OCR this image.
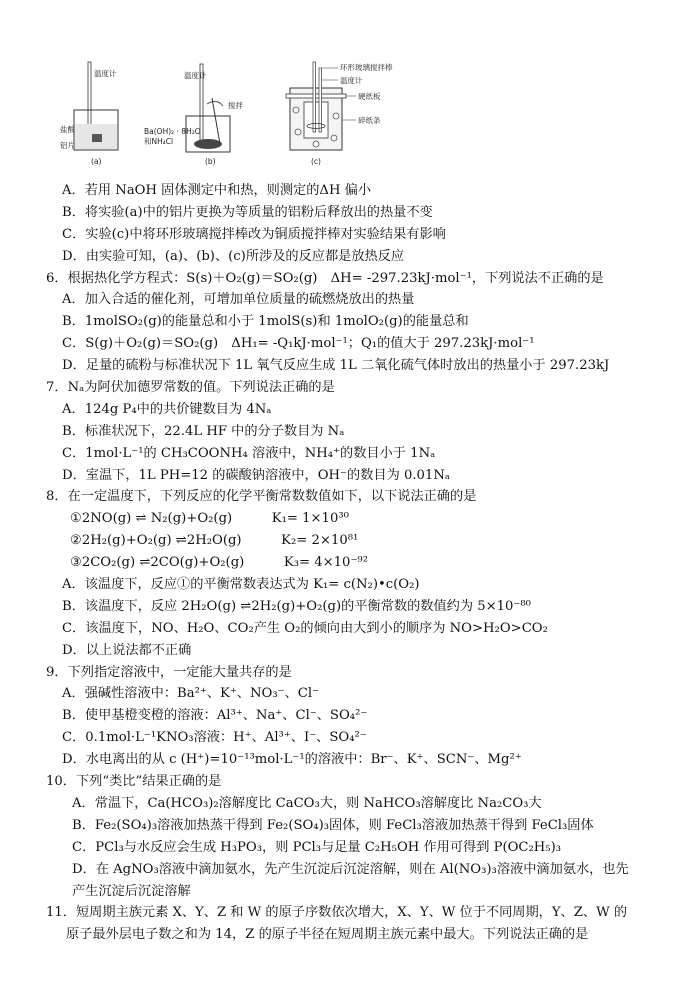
温度计
盐酸
铝片
(a)
温度计
搅拌
Ba(OH)₂ · 8H₂O
和NH₄Cl
(b)
环形玻璃搅拌棒
温度计
硬纸板
碎纸条
(c)
A．若用 NaOH 固体测定中和热，则测定的ΔH 偏小
B．将实验(a)中的铝片更换为等质量的铝粉后释放出的热量不变
C．实验(c)中将环形玻璃搅拌棒改为铜质搅拌棒对实验结果有影响
D．由实验可知，(a)、(b)、(c)所涉及的反应都是放热反应
6．根据热化学方程式：S(s)＋O₂(g)＝SO₂(g)　ΔH= -297.23kJ·mol⁻¹，下列说法不正确的是
A．加入合适的催化剂，可增加单位质量的硫燃烧放出的热量
B．1molSO₂(g)的能量总和小于 1molS(s)和 1molO₂(g)的能量总和
C．S(g)＋O₂(g)＝SO₂(g)　ΔH₁= -Q₁kJ·mol⁻¹；Q₁的值大于 297.23kJ·mol⁻¹
D．足量的硫粉与标准状况下 1L 氧气反应生成 1L 二氧化硫气体时放出的热量小于 297.23kJ
7．Nₐ为阿伏加德罗常数的值。下列说法正确的是
A．124g P₄中的共价键数目为 4Nₐ
B．标准状况下，22.4L HF 中的分子数目为 Nₐ
C．1mol·L⁻¹的 CH₃COONH₄ 溶液中，NH₄⁺的数目小于 1Nₐ
D．室温下，1L PH=12 的碳酸钠溶液中，OH⁻的数目为 0.01Nₐ
8．在一定温度下，下列反应的化学平衡常数数值如下，以下说法正确的是
①2NO(g) ⇌ N₂(g)+O₂(g)　　　K₁= 1×10³⁰
②2H₂(g)+O₂(g) ⇌2H₂O(g)　　　K₂= 2×10⁸¹
③2CO₂(g) ⇌2CO(g)+O₂(g)　　　K₃= 4×10⁻⁹²
A．该温度下，反应①的平衡常数表达式为 K₁= c(N₂)•c(O₂)
B．该温度下，反应 2H₂O(g) ⇌2H₂(g)+O₂(g)的平衡常数的数值约为 5×10⁻⁸⁰
C．该温度下，NO、H₂O、CO₂产生 O₂的倾向由大到小的顺序为 NO>H₂O>CO₂
D．以上说法都不正确
9．下列指定溶液中，一定能大量共存的是
A．强碱性溶液中：Ba²⁺、K⁺、NO₃⁻、Cl⁻
B．使甲基橙变橙的溶液：Al³⁺、Na⁺、Cl⁻、SO₄²⁻
C．0.1mol·L⁻¹KNO₃溶液：H⁺、Al³⁺、I⁻、SO₄²⁻
D．水电离出的从 c (H⁺)=10⁻¹³mol·L⁻¹的溶液中：Br⁻、K⁺、SCN⁻、Mg²⁺
10．下列“类比”结果正确的是
A．常温下，Ca(HCO₃)₂溶解度比 CaCO₃大，则 NaHCO₃溶解度比 Na₂CO₃大
B．Fe₂(SO₄)₃溶液加热蒸干得到 Fe₂(SO₄)₃固体，则 FeCl₃溶液加热蒸干得到 FeCl₃固体
C．PCl₃与水反应会生成 H₃PO₃，则 PCl₃与足量 C₂H₅OH 作用可得到 P(OC₂H₅)₃
D．在 AgNO₃溶液中滴加氨水，先产生沉淀后沉淀溶解，则在 Al(NO₃)₃溶液中滴加氨水，也先
产生沉淀后沉淀溶解
11．短周期主族元素 X、Y、Z 和 W 的原子序数依次增大，X、Y、W 位于不同周期，Y、Z、W 的
原子最外层电子数之和为 14，Z 的原子半径在短周期主族元素中最大。下列说法正确的是
